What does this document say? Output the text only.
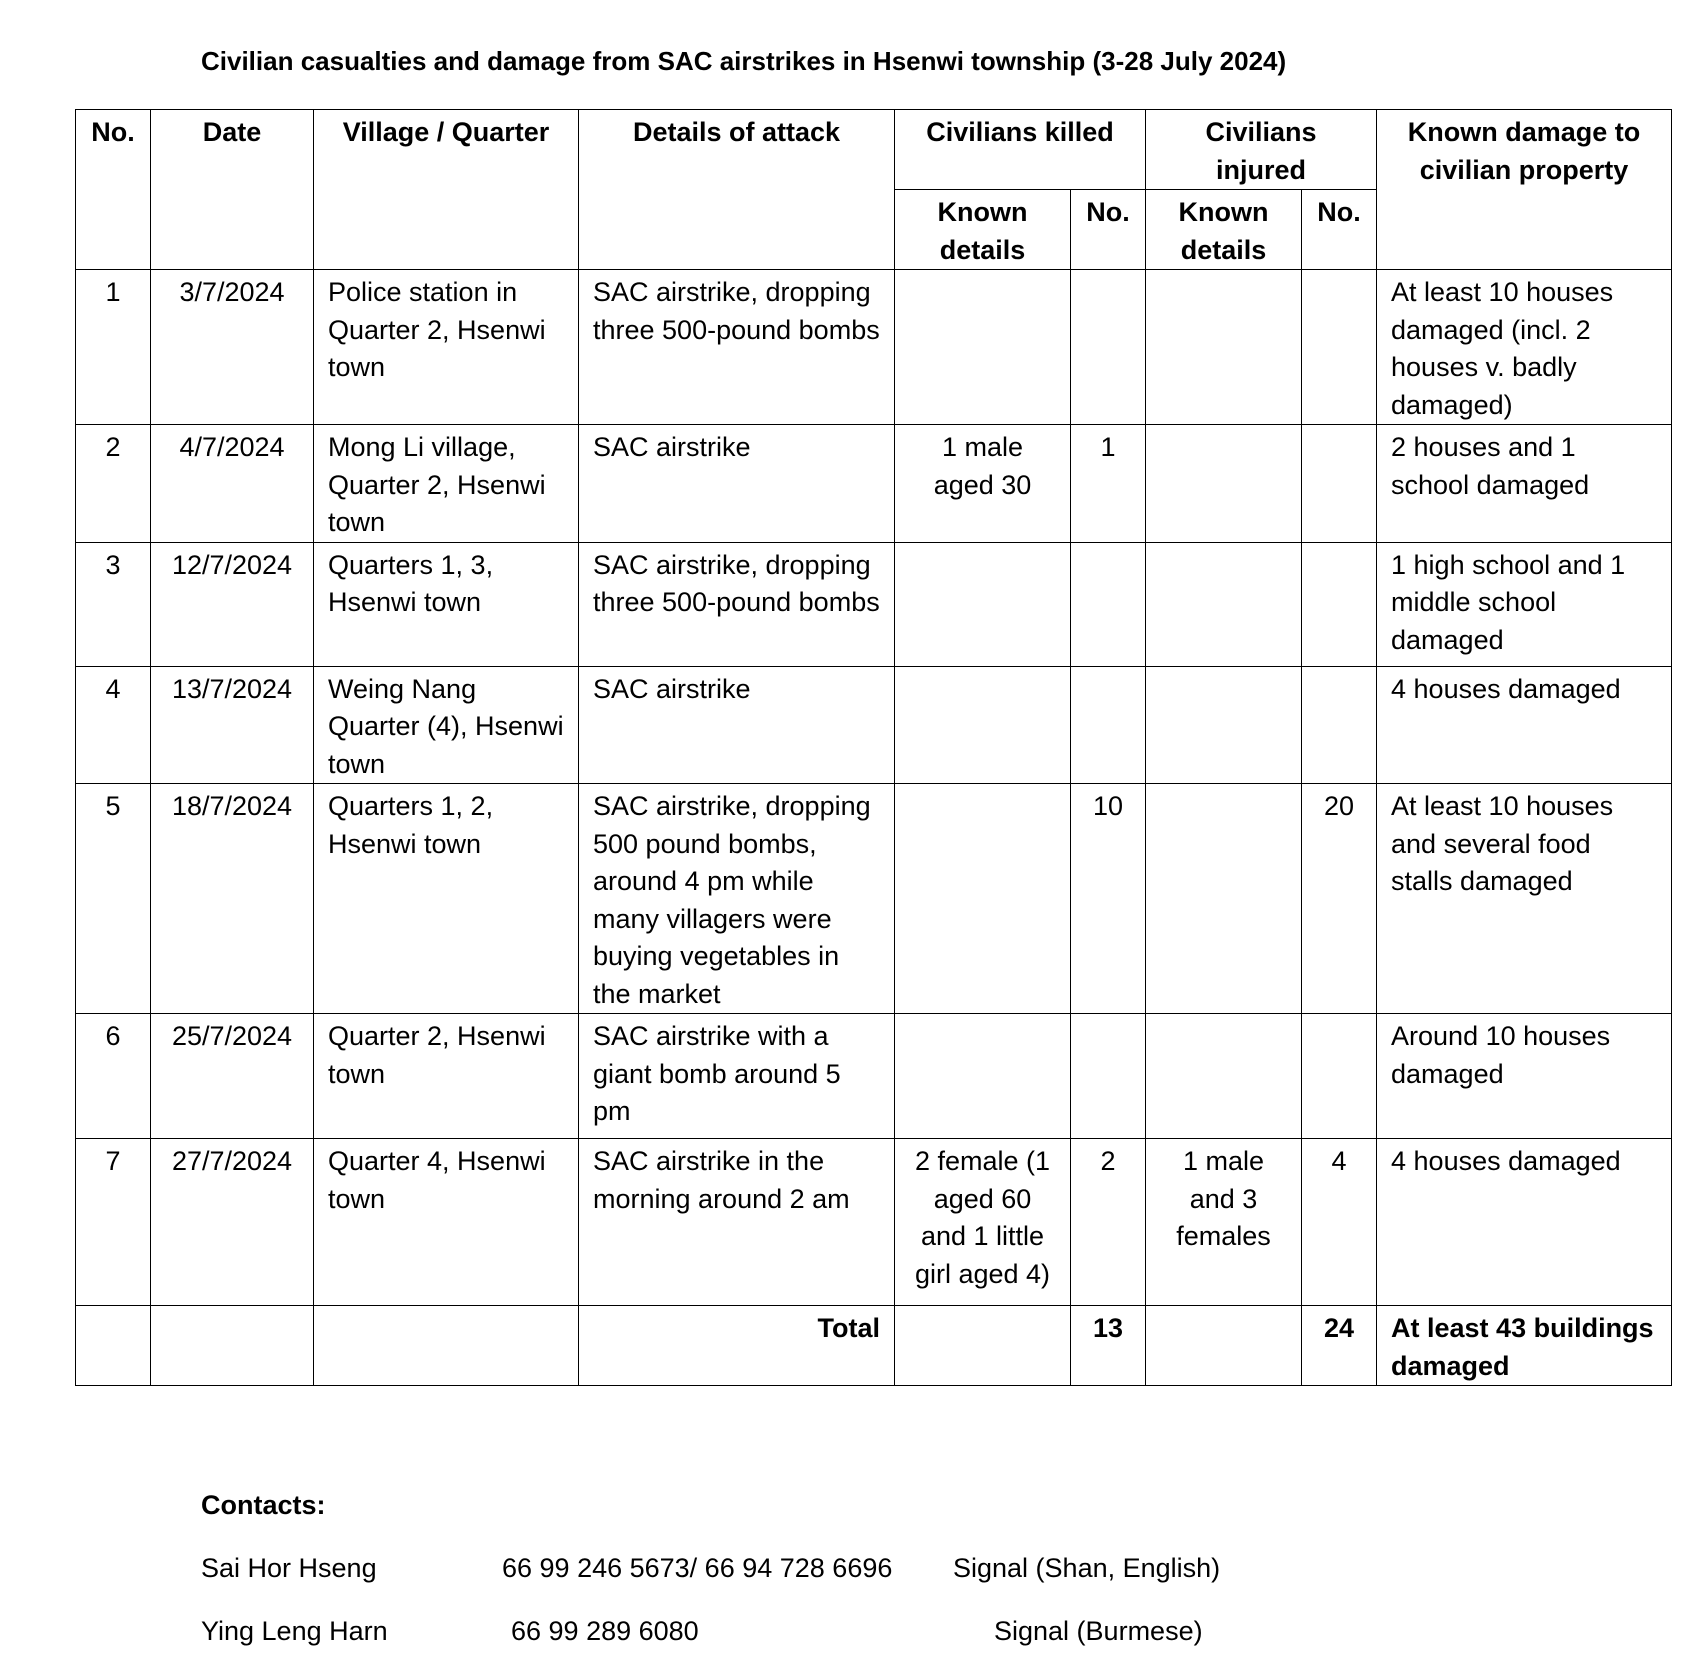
Civilian casualties and damage from SAC airstrikes in Hsenwi township (3-28 July 2024)
No.	Date	Village / Quarter	Details of attack	Civilians killed		Civilians injured		Known damage to civilian property
				Known details	No.	Known details	No.	
1	3/7/2024	Police station in Quarter 2, Hsenwi town	SAC airstrike, dropping three 500-pound bombs					At least 10 houses damaged (incl. 2 houses v. badly damaged)
2	4/7/2024	Mong Li village, Quarter 2, Hsenwi town	SAC airstrike	1 male aged 30	1			2 houses and 1 school damaged
3	12/7/2024	Quarters 1, 3, Hsenwi town	SAC airstrike, dropping three 500-pound bombs					1 high school and 1 middle school damaged
4	13/7/2024	Weing Nang Quarter (4), Hsenwi town	SAC airstrike					4 houses damaged
5	18/7/2024	Quarters 1, 2, Hsenwi town	SAC airstrike, dropping 500 pound bombs, around 4 pm while many villagers were buying vegetables in the market		10		20	At least 10 houses and several food stalls damaged
6	25/7/2024	Quarter 2, Hsenwi town	SAC airstrike with a giant bomb around 5 pm					Around 10 houses damaged
7	27/7/2024	Quarter 4, Hsenwi town	SAC airstrike in the morning around 2 am	2 female (1 aged 60 and 1 little girl aged 4)	2	1 male and 3 females	4	4 houses damaged
			Total		13		24	At least 43 buildings damaged
Contacts:
Sai Hor Hseng	66 99 246 5673/ 66 94 728 6696 Signal (Shan, English)
Ying Leng Harn	66 99 289 6080	Signal (Burmese)
